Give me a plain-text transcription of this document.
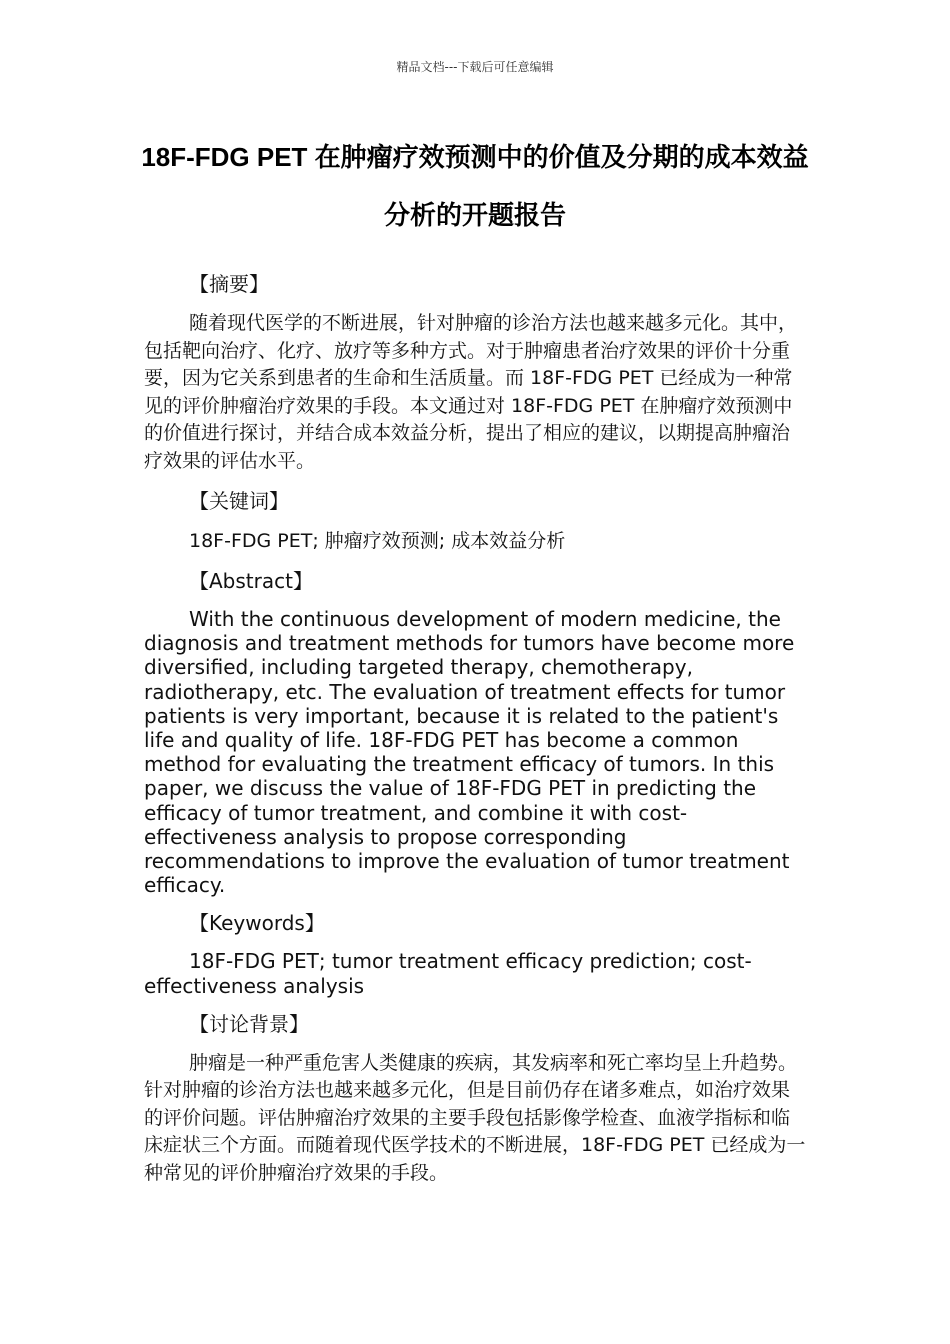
精品文档---下载后可任意编辑
18F-FDG PET 在肿瘤疗效预测中的价值及分期的成本效益分析的开题报告
【摘要】

随着现代医学的不断进展，针对肿瘤的诊治方法也越来越多元化。其中，包括靶向治疗、化疗、放疗等多种方式。对于肿瘤患者治疗效果的评价十分重要，因为它关系到患者的生命和生活质量。而 18F-FDG PET 已经成为一种常见的评价肿瘤治疗效果的手段。本文通过对 18F-FDG PET 在肿瘤疗效预测中的价值进行探讨，并结合成本效益分析，提出了相应的建议，以期提高肿瘤治疗效果的评估水平。

【关键词】
18F-FDG PET; 肿瘤疗效预测; 成本效益分析
【Abstract】

With the continuous development of modern medicine, the diagnosis and treatment methods for tumors have become more diversified, including targeted therapy, chemotherapy, radiotherapy, etc. The evaluation of treatment effects for tumor patients is very important, because it is related to the patient's life and quality of life. 18F-FDG PET has become a common method for evaluating the treatment efficacy of tumors. In this paper, we discuss the value of 18F-FDG PET in predicting the efficacy of tumor treatment, and combine it with cost-effectiveness analysis to propose corresponding recommendations to improve the evaluation of tumor treatment efficacy.

【Keywords】

18F-FDG PET; tumor treatment efficacy prediction; cost-effectiveness analysis

【讨论背景】

肿瘤是一种严重危害人类健康的疾病，其发病率和死亡率均呈上升趋势。针对肿瘤的诊治方法也越来越多元化，但是目前仍存在诸多难点，如治疗效果的评价问题。评估肿瘤治疗效果的主要手段包括影像学检查、血液学指标和临床症状三个方面。而随着现代医学技术的不断进展，18F-FDG PET 已经成为一种常见的评价肿瘤治疗效果的手段。
